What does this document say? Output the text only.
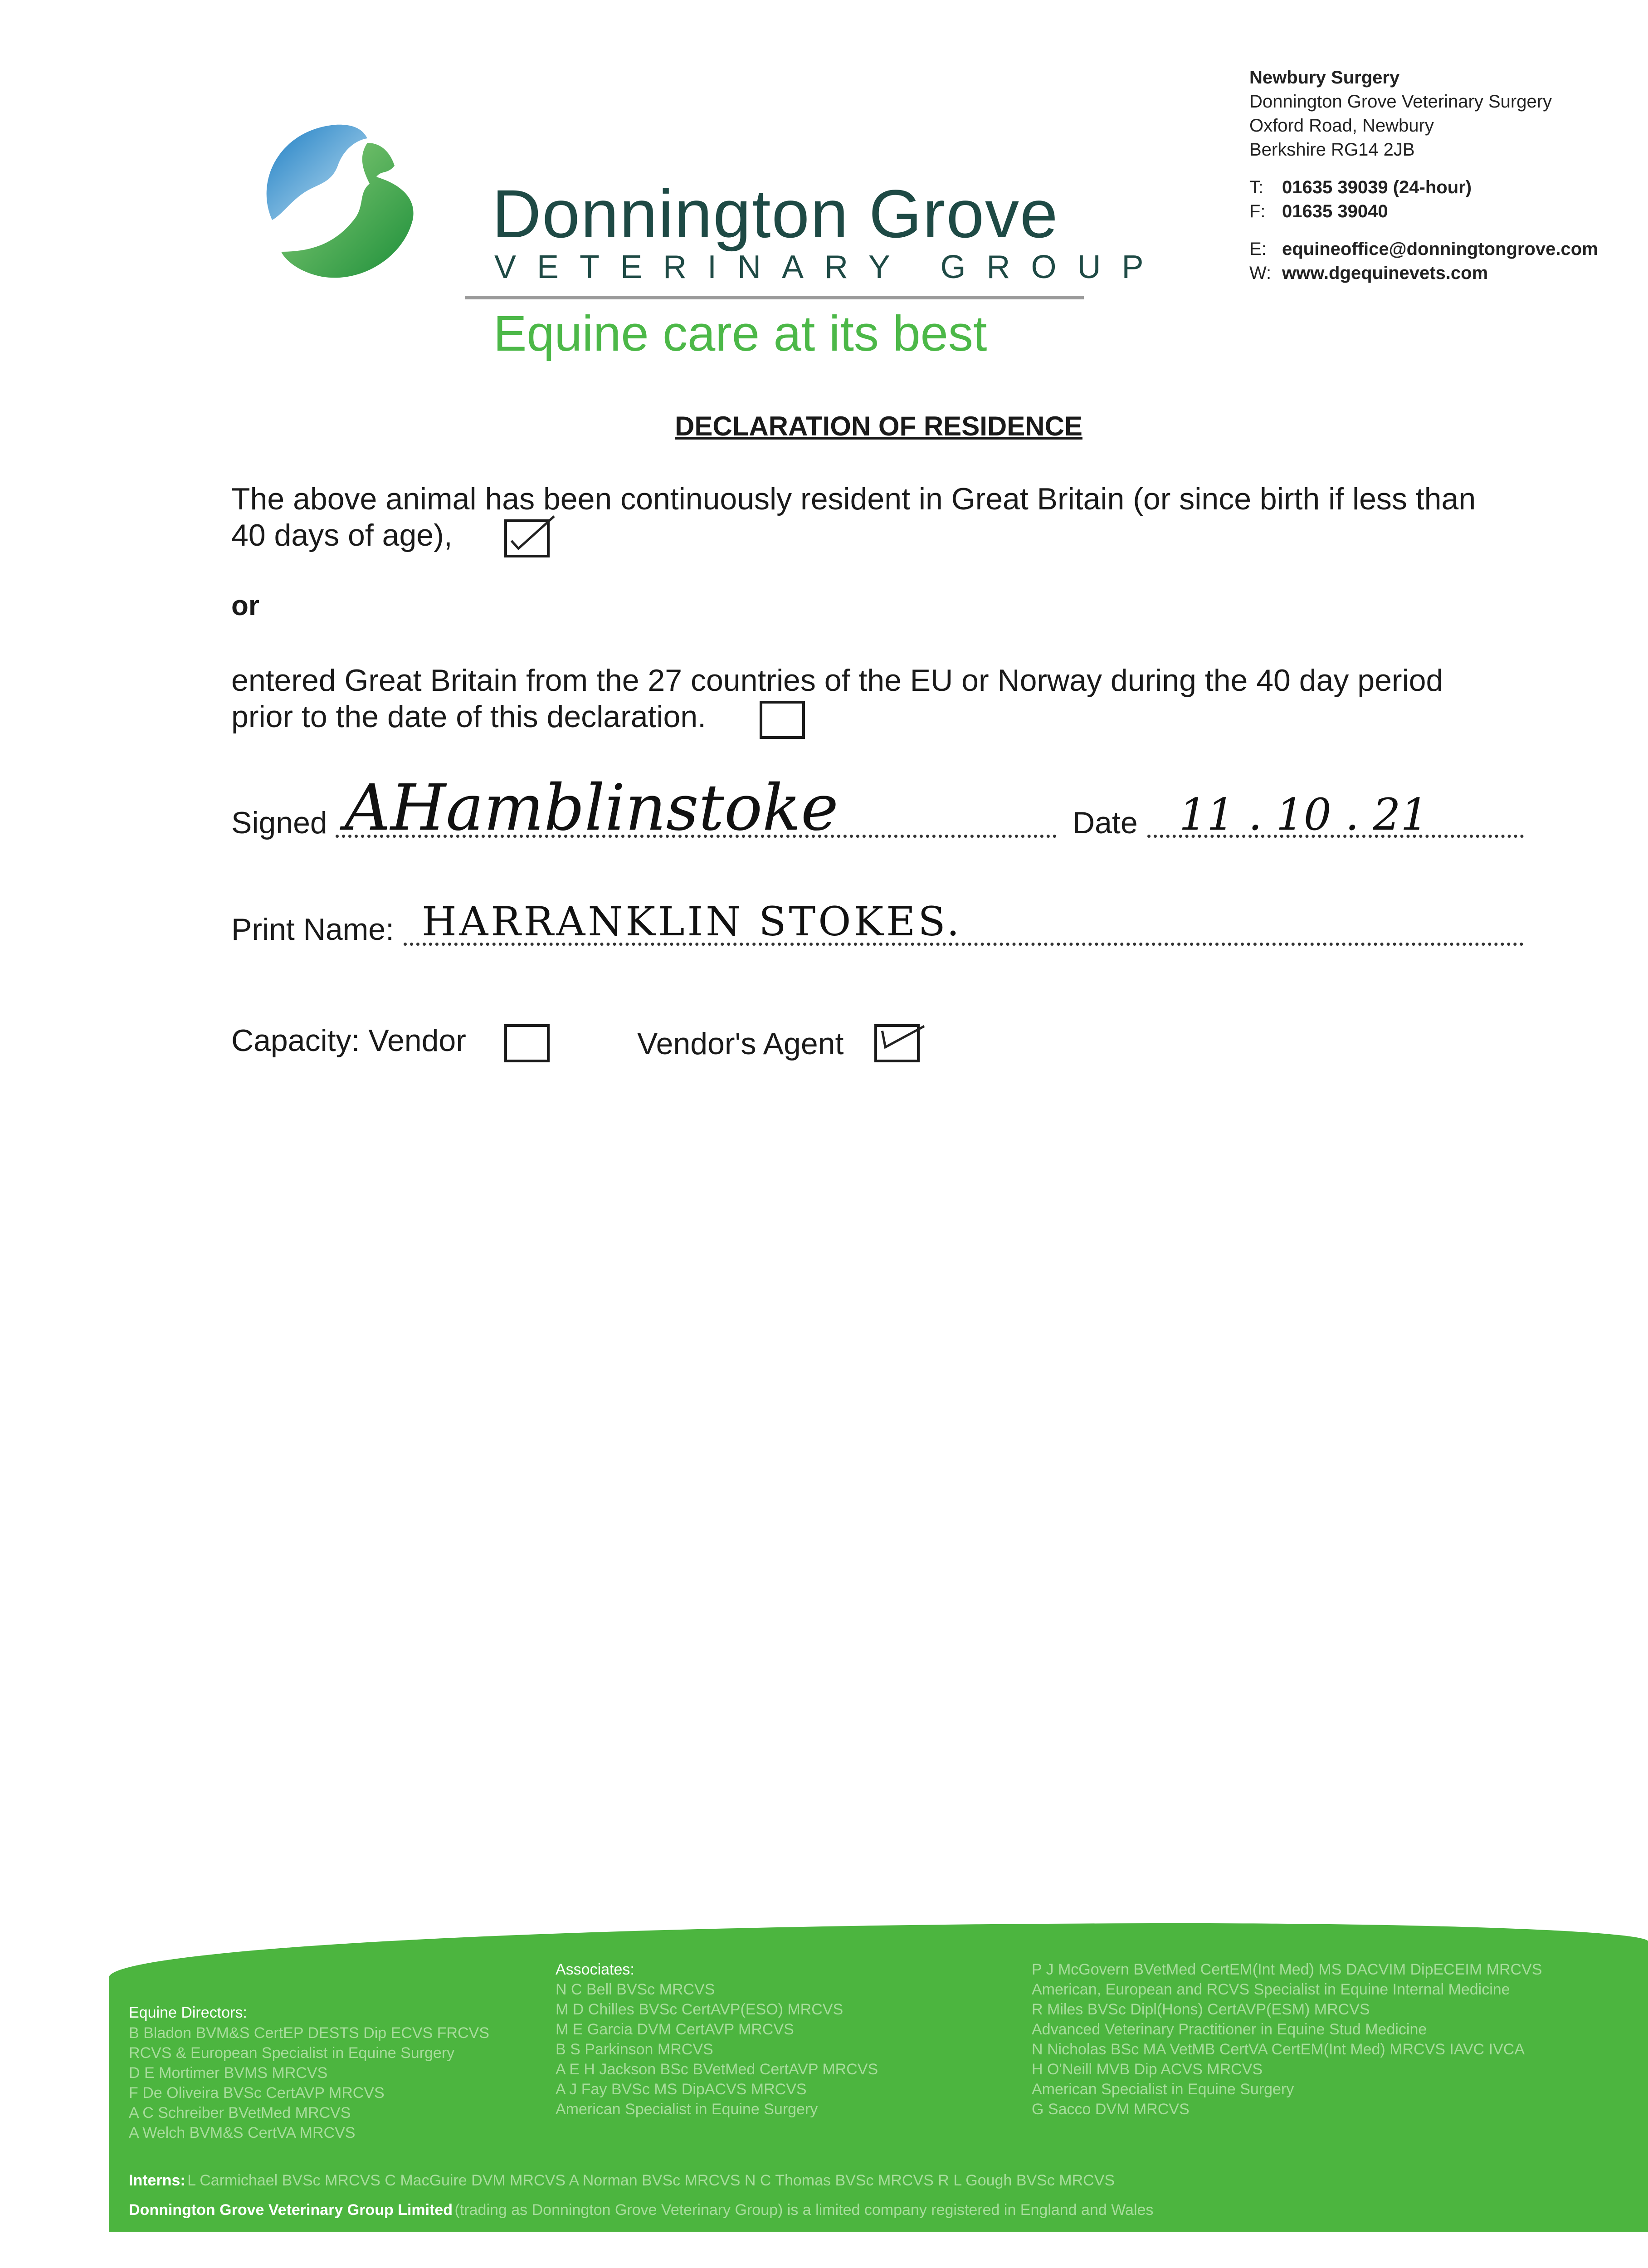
Donnington Grove
VETERINARY GROUP
Equine care at its best
Newbury Surgery
Donnington Grove Veterinary Surgery
Oxford Road, Newbury
Berkshire RG14 2JB
T:	01635 39039 (24-hour)
F: 01635 39040
E: equineoffice@donningtongrove.com
W: www.dgequinevets.com
DECLARATION OF RESIDENCE
The above animal has been continuously resident in Great Britain (or since birth if less than
40 days of age),
or
entered Great Britain from the 27 countries of the EU or Norway during the 40 day period
prior to the date of this declaration.
Signed AHamblinstoke	Date 11 . 10 . 21
Print Name: HARRANKLIN STOKES.
Capacity: Vendor	Vendor's Agent
Equine Directors:
B Bladon BVM&S CertEP DESTS Dip ECVS FRCVS
RCVS & European Specialist in Equine Surgery
D E Mortimer BVMS MRCVS
F De Oliveira BVSc CertAVP MRCVS
A C Schreiber BVetMed MRCVS
A Welch BVM&S CertVA MRCVS
Associates:
N C Bell BVSc MRCVS
M D Chilles BVSc CertAVP(ESO) MRCVS
M E Garcia DVM CertAVP MRCVS
B S Parkinson MRCVS
A E H Jackson BSc BVetMed CertAVP MRCVS
A J Fay BVSc MS DipACVS MRCVS
American Specialist in Equine Surgery
P J McGovern BVetMed CertEM(Int Med) MS DACVIM DipECEIM MRCVS
American, European and RCVS Specialist in Equine Internal Medicine
R Miles BVSc Dipl(Hons) CertAVP(ESM) MRCVS
Advanced Veterinary Practitioner in Equine Stud Medicine
N Nicholas BSc MA VetMB CertVA CertEM(Int Med) MRCVS IAVC IVCA
H O'Neill MVB Dip ACVS MRCVS
American Specialist in Equine Surgery
G Sacco DVM MRCVS
Interns: L Carmichael BVSc MRCVS C MacGuire DVM MRCVS A Norman BVSc MRCVS N C Thomas BVSc MRCVS R L Gough BVSc MRCVS
Donnington Grove Veterinary Group Limited (trading as Donnington Grove Veterinary Group) is a limited company registered in England and Wales
